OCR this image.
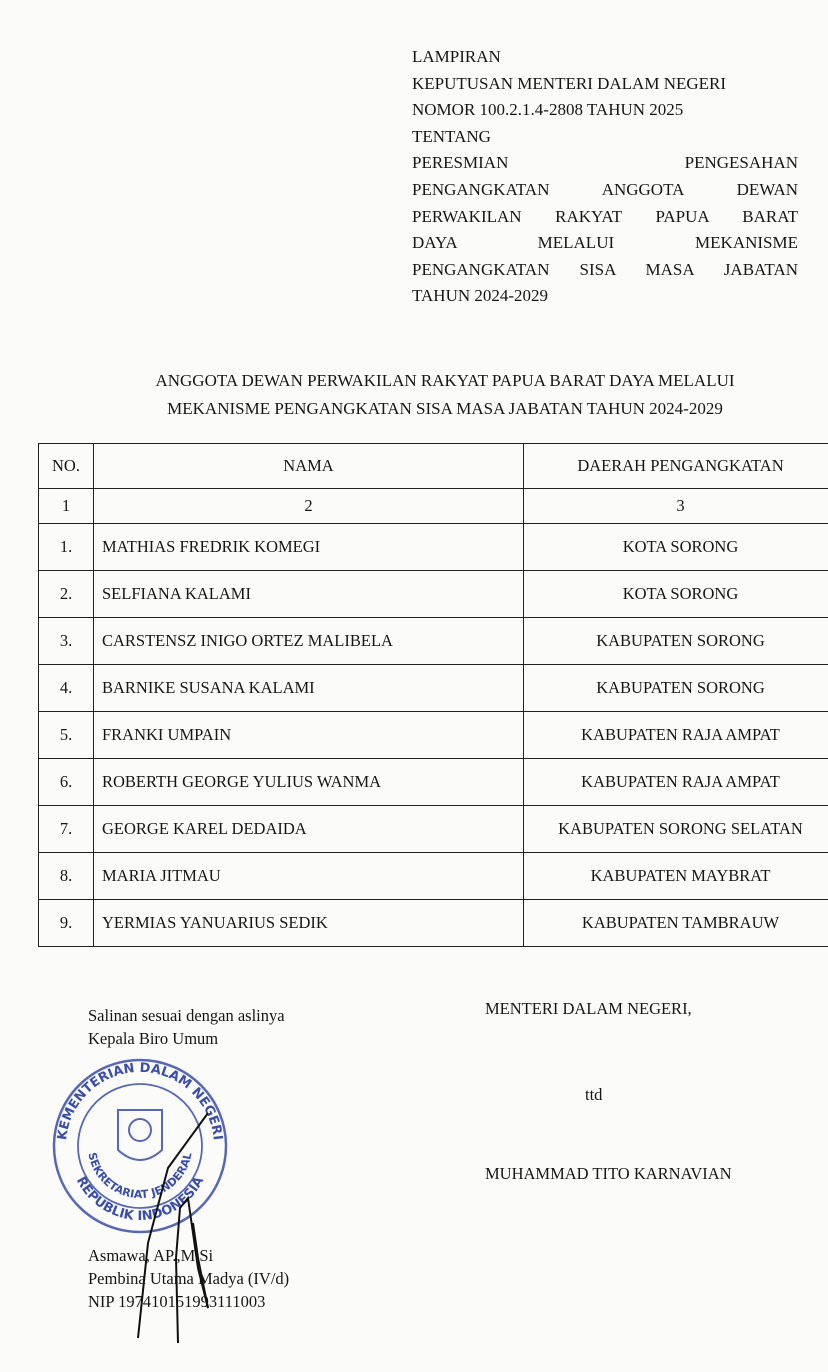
LAMPIRAN
KEPUTUSAN MENTERI DALAM NEGERI
NOMOR 100.2.1.4-2808 TAHUN 2025
TENTANG
PERESMIAN PENGESAHAN
PENGANGKATAN ANGGOTA DEWAN
PERWAKILAN RAKYAT PAPUA BARAT
DAYA MELALUI MEKANISME
PENGANGKATAN SISA MASA JABATAN
TAHUN 2024-2029
ANGGOTA DEWAN PERWAKILAN RAKYAT PAPUA BARAT DAYA MELALUI
MEKANISME PENGANGKATAN SISA MASA JABATAN TAHUN 2024-2029
NO.	NAMA	DAERAH PENGANGKATAN
1	2	3
1.	MATHIAS FREDRIK KOMEGI	KOTA SORONG
2.	SELFIANA KALAMI	KOTA SORONG
3.	CARSTENSZ INIGO ORTEZ MALIBELA	KABUPATEN SORONG
4.	BARNIKE SUSANA KALAMI	KABUPATEN SORONG
5.	FRANKI UMPAIN	KABUPATEN RAJA AMPAT
6.	ROBERTH GEORGE YULIUS WANMA	KABUPATEN RAJA AMPAT
7.	GEORGE KAREL DEDAIDA	KABUPATEN SORONG SELATAN
8.	MARIA JITMAU	KABUPATEN MAYBRAT
9.	YERMIAS YANUARIUS SEDIK	KABUPATEN TAMBRAUW
Salinan sesuai dengan aslinya
Kepala Biro Umum
KEMENTERIAN DALAM NEGERI
REPUBLIK INDONESIA
SEKRETARIAT JENDERAL
Asmawa, AP.,M.Si
Pembina Utama Madya (IV/d)
NIP 197410151993111003
MENTERI DALAM NEGERI,
ttd
MUHAMMAD TITO KARNAVIAN
